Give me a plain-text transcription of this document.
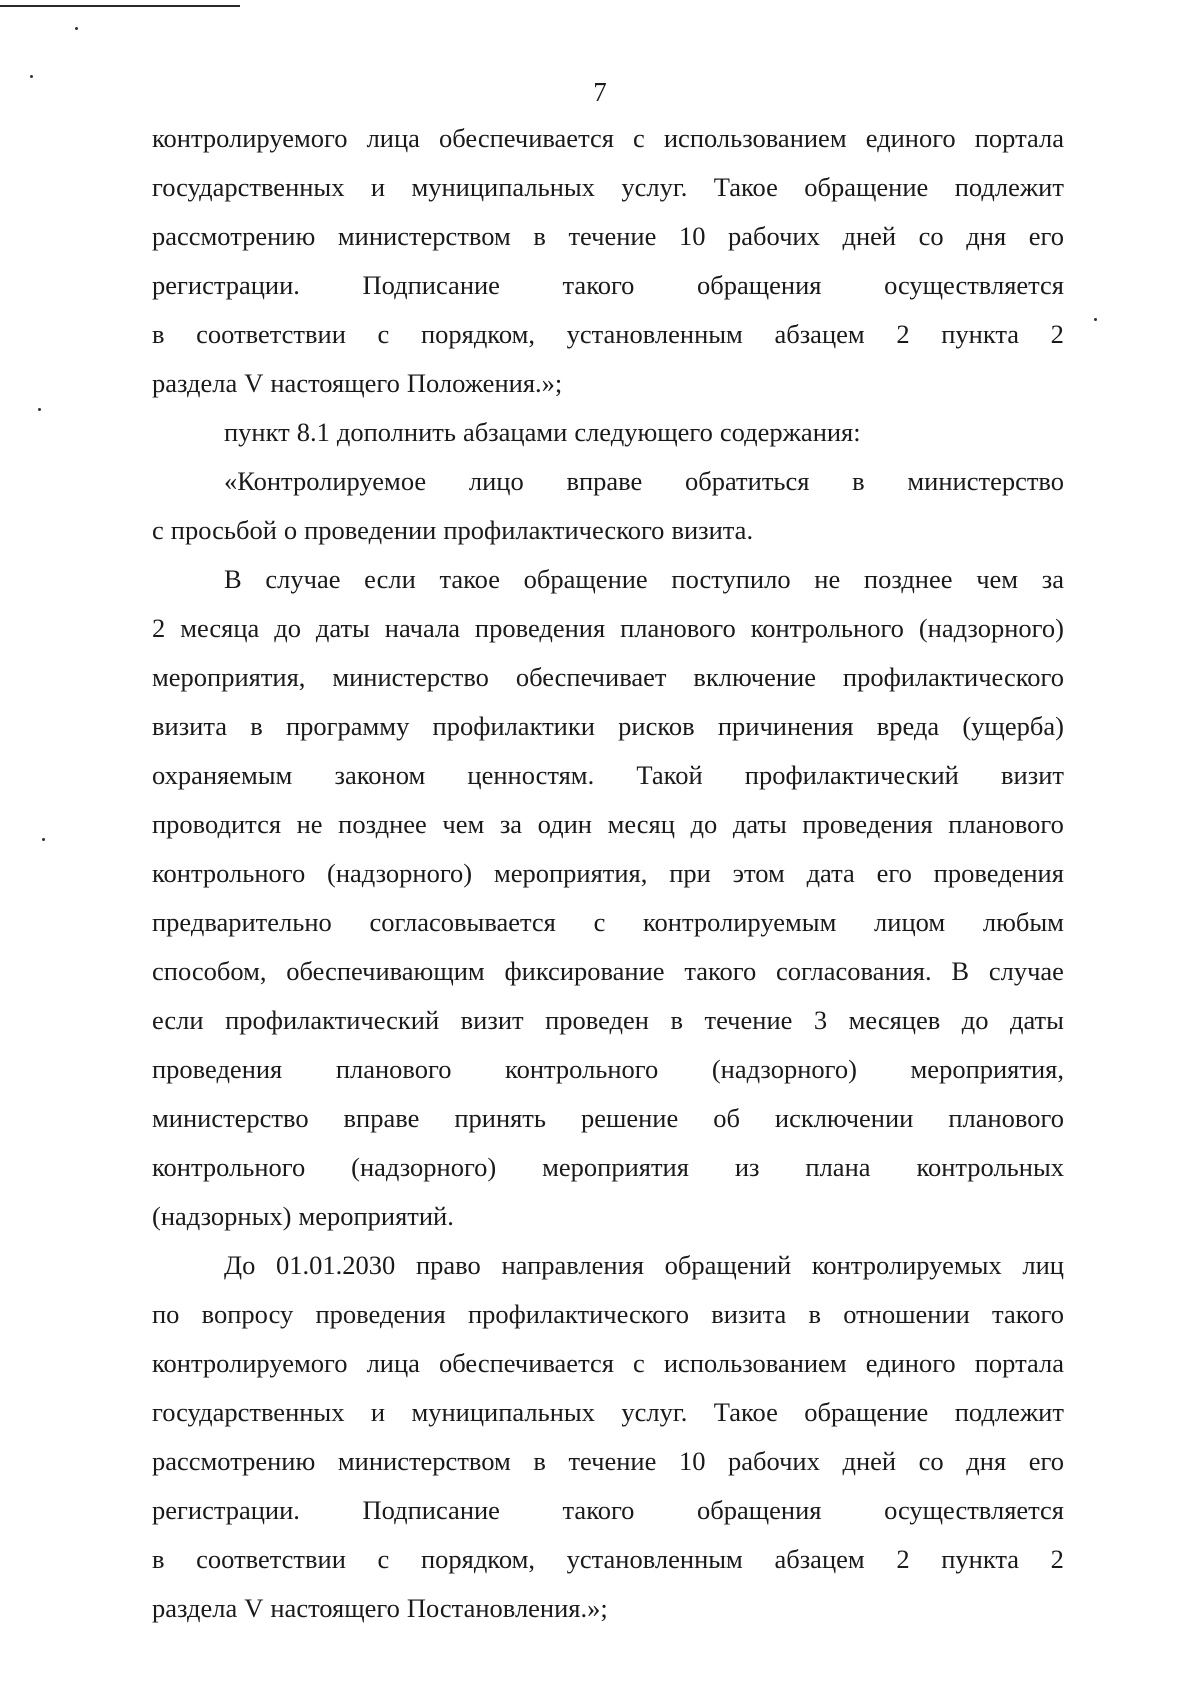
7
контролируемого лица обеспечивается с использованием единого портала
государственных и муниципальных услуг. Такое обращение подлежит
рассмотрению министерством в течение 10 рабочих дней со дня его
регистрации. Подписание такого обращения осуществляется
в соответствии с порядком, установленным абзацем 2 пункта 2
раздела V настоящего Положения.»;
пункт 8.1 дополнить абзацами следующего содержания:
«Контролируемое лицо вправе обратиться в министерство
с просьбой о проведении профилактического визита.
В случае если такое обращение поступило не позднее чем за
2 месяца до даты начала проведения планового контрольного (надзорного)
мероприятия, министерство обеспечивает включение профилактического
визита в программу профилактики рисков причинения вреда (ущерба)
охраняемым законом ценностям. Такой профилактический визит
проводится не позднее чем за один месяц до даты проведения планового
контрольного (надзорного) мероприятия, при этом дата его проведения
предварительно согласовывается с контролируемым лицом любым
способом, обеспечивающим фиксирование такого согласования. В случае
если профилактический визит проведен в течение 3 месяцев до даты
проведения планового контрольного (надзорного) мероприятия,
министерство вправе принять решение об исключении планового
контрольного (надзорного) мероприятия из плана контрольных
(надзорных) мероприятий.
До 01.01.2030 право направления обращений контролируемых лиц
по вопросу проведения профилактического визита в отношении такого
контролируемого лица обеспечивается с использованием единого портала
государственных и муниципальных услуг. Такое обращение подлежит
рассмотрению министерством в течение 10 рабочих дней со дня его
регистрации. Подписание такого обращения осуществляется
в соответствии с порядком, установленным абзацем 2 пункта 2
раздела V настоящего Постановления.»;
